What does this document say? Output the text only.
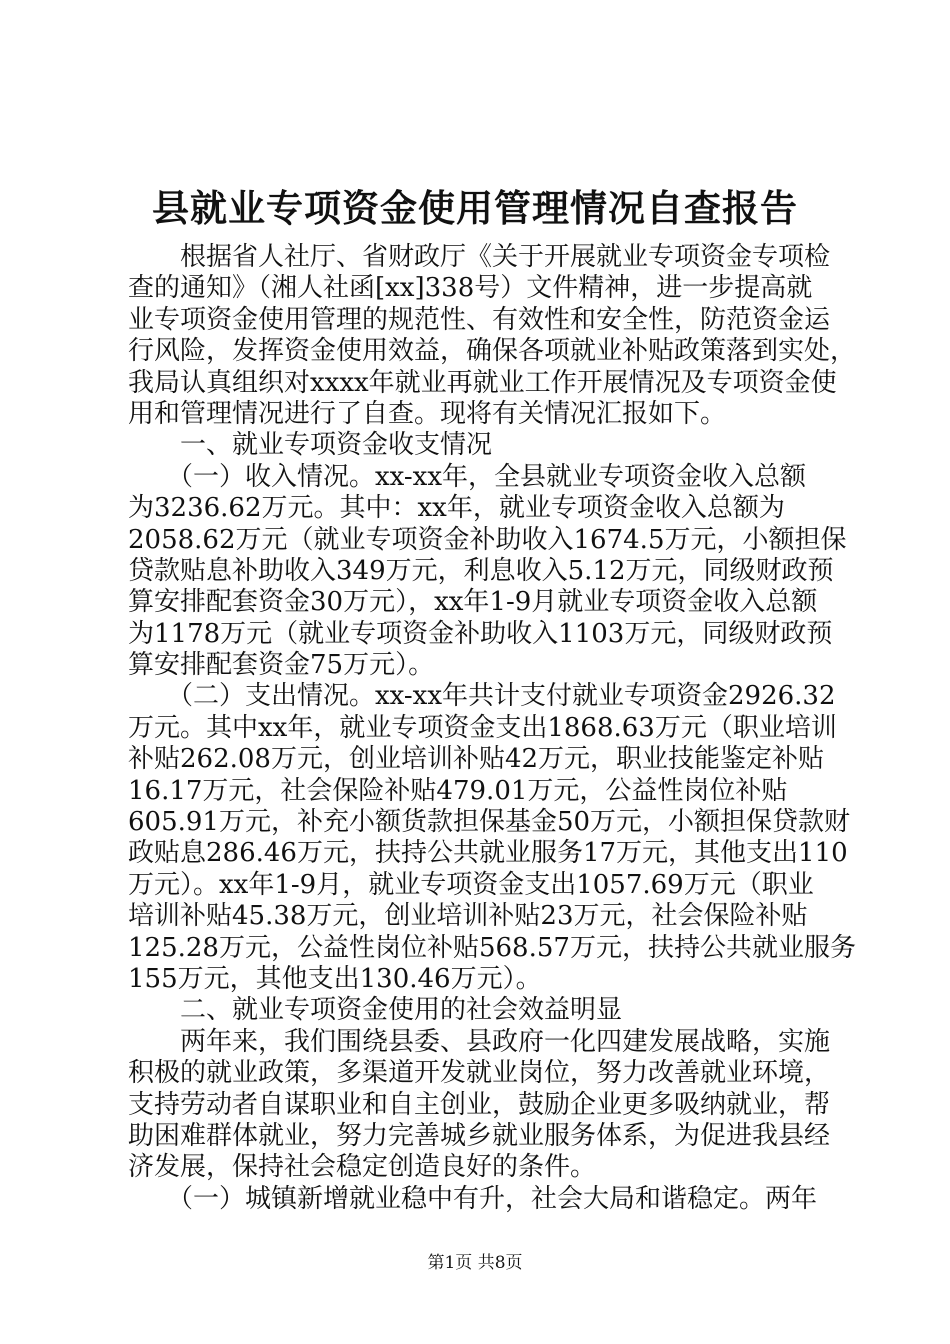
县就业专项资金使用管理情况自查报告
　　根据省人社厅、省财政厅《关于开展就业专项资金专项检
查的通知》（湘人社函[xx]338号）文件精神，进一步提高就
业专项资金使用管理的规范性、有效性和安全性，防范资金运
行风险，发挥资金使用效益，确保各项就业补贴政策落到实处，
我局认真组织对xxxx年就业再就业工作开展情况及专项资金使
用和管理情况进行了自查。现将有关情况汇报如下。
　　一、就业专项资金收支情况
　　（一）收入情况。xx-xx年，全县就业专项资金收入总额
为3236.62万元。其中：xx年，就业专项资金收入总额为
2058.62万元（就业专项资金补助收入1674.5万元，小额担保
贷款贴息补助收入349万元，利息收入5.12万元，同级财政预
算安排配套资金30万元），xx年1-9月就业专项资金收入总额
为1178万元（就业专项资金补助收入1103万元，同级财政预
算安排配套资金75万元）。
　　（二）支出情况。xx-xx年共计支付就业专项资金2926.32
万元。其中xx年，就业专项资金支出1868.63万元（职业培训
补贴262.08万元，创业培训补贴42万元，职业技能鉴定补贴
16.17万元，社会保险补贴479.01万元，公益性岗位补贴
605.91万元，补充小额货款担保基金50万元，小额担保贷款财
政贴息286.46万元，扶持公共就业服务17万元，其他支出110
万元）。xx年1-9月，就业专项资金支出1057.69万元（职业
培训补贴45.38万元，创业培训补贴23万元，社会保险补贴
125.28万元，公益性岗位补贴568.57万元，扶持公共就业服务
155万元，其他支出130.46万元）。
　　二、就业专项资金使用的社会效益明显
　　两年来，我们围绕县委、县政府一化四建发展战略，实施
积极的就业政策，多渠道开发就业岗位，努力改善就业环境，
支持劳动者自谋职业和自主创业，鼓励企业更多吸纳就业，帮
助困难群体就业，努力完善城乡就业服务体系，为促进我县经
济发展，保持社会稳定创造良好的条件。
　　（一）城镇新增就业稳中有升，社会大局和谐稳定。两年
第1页 共8页
